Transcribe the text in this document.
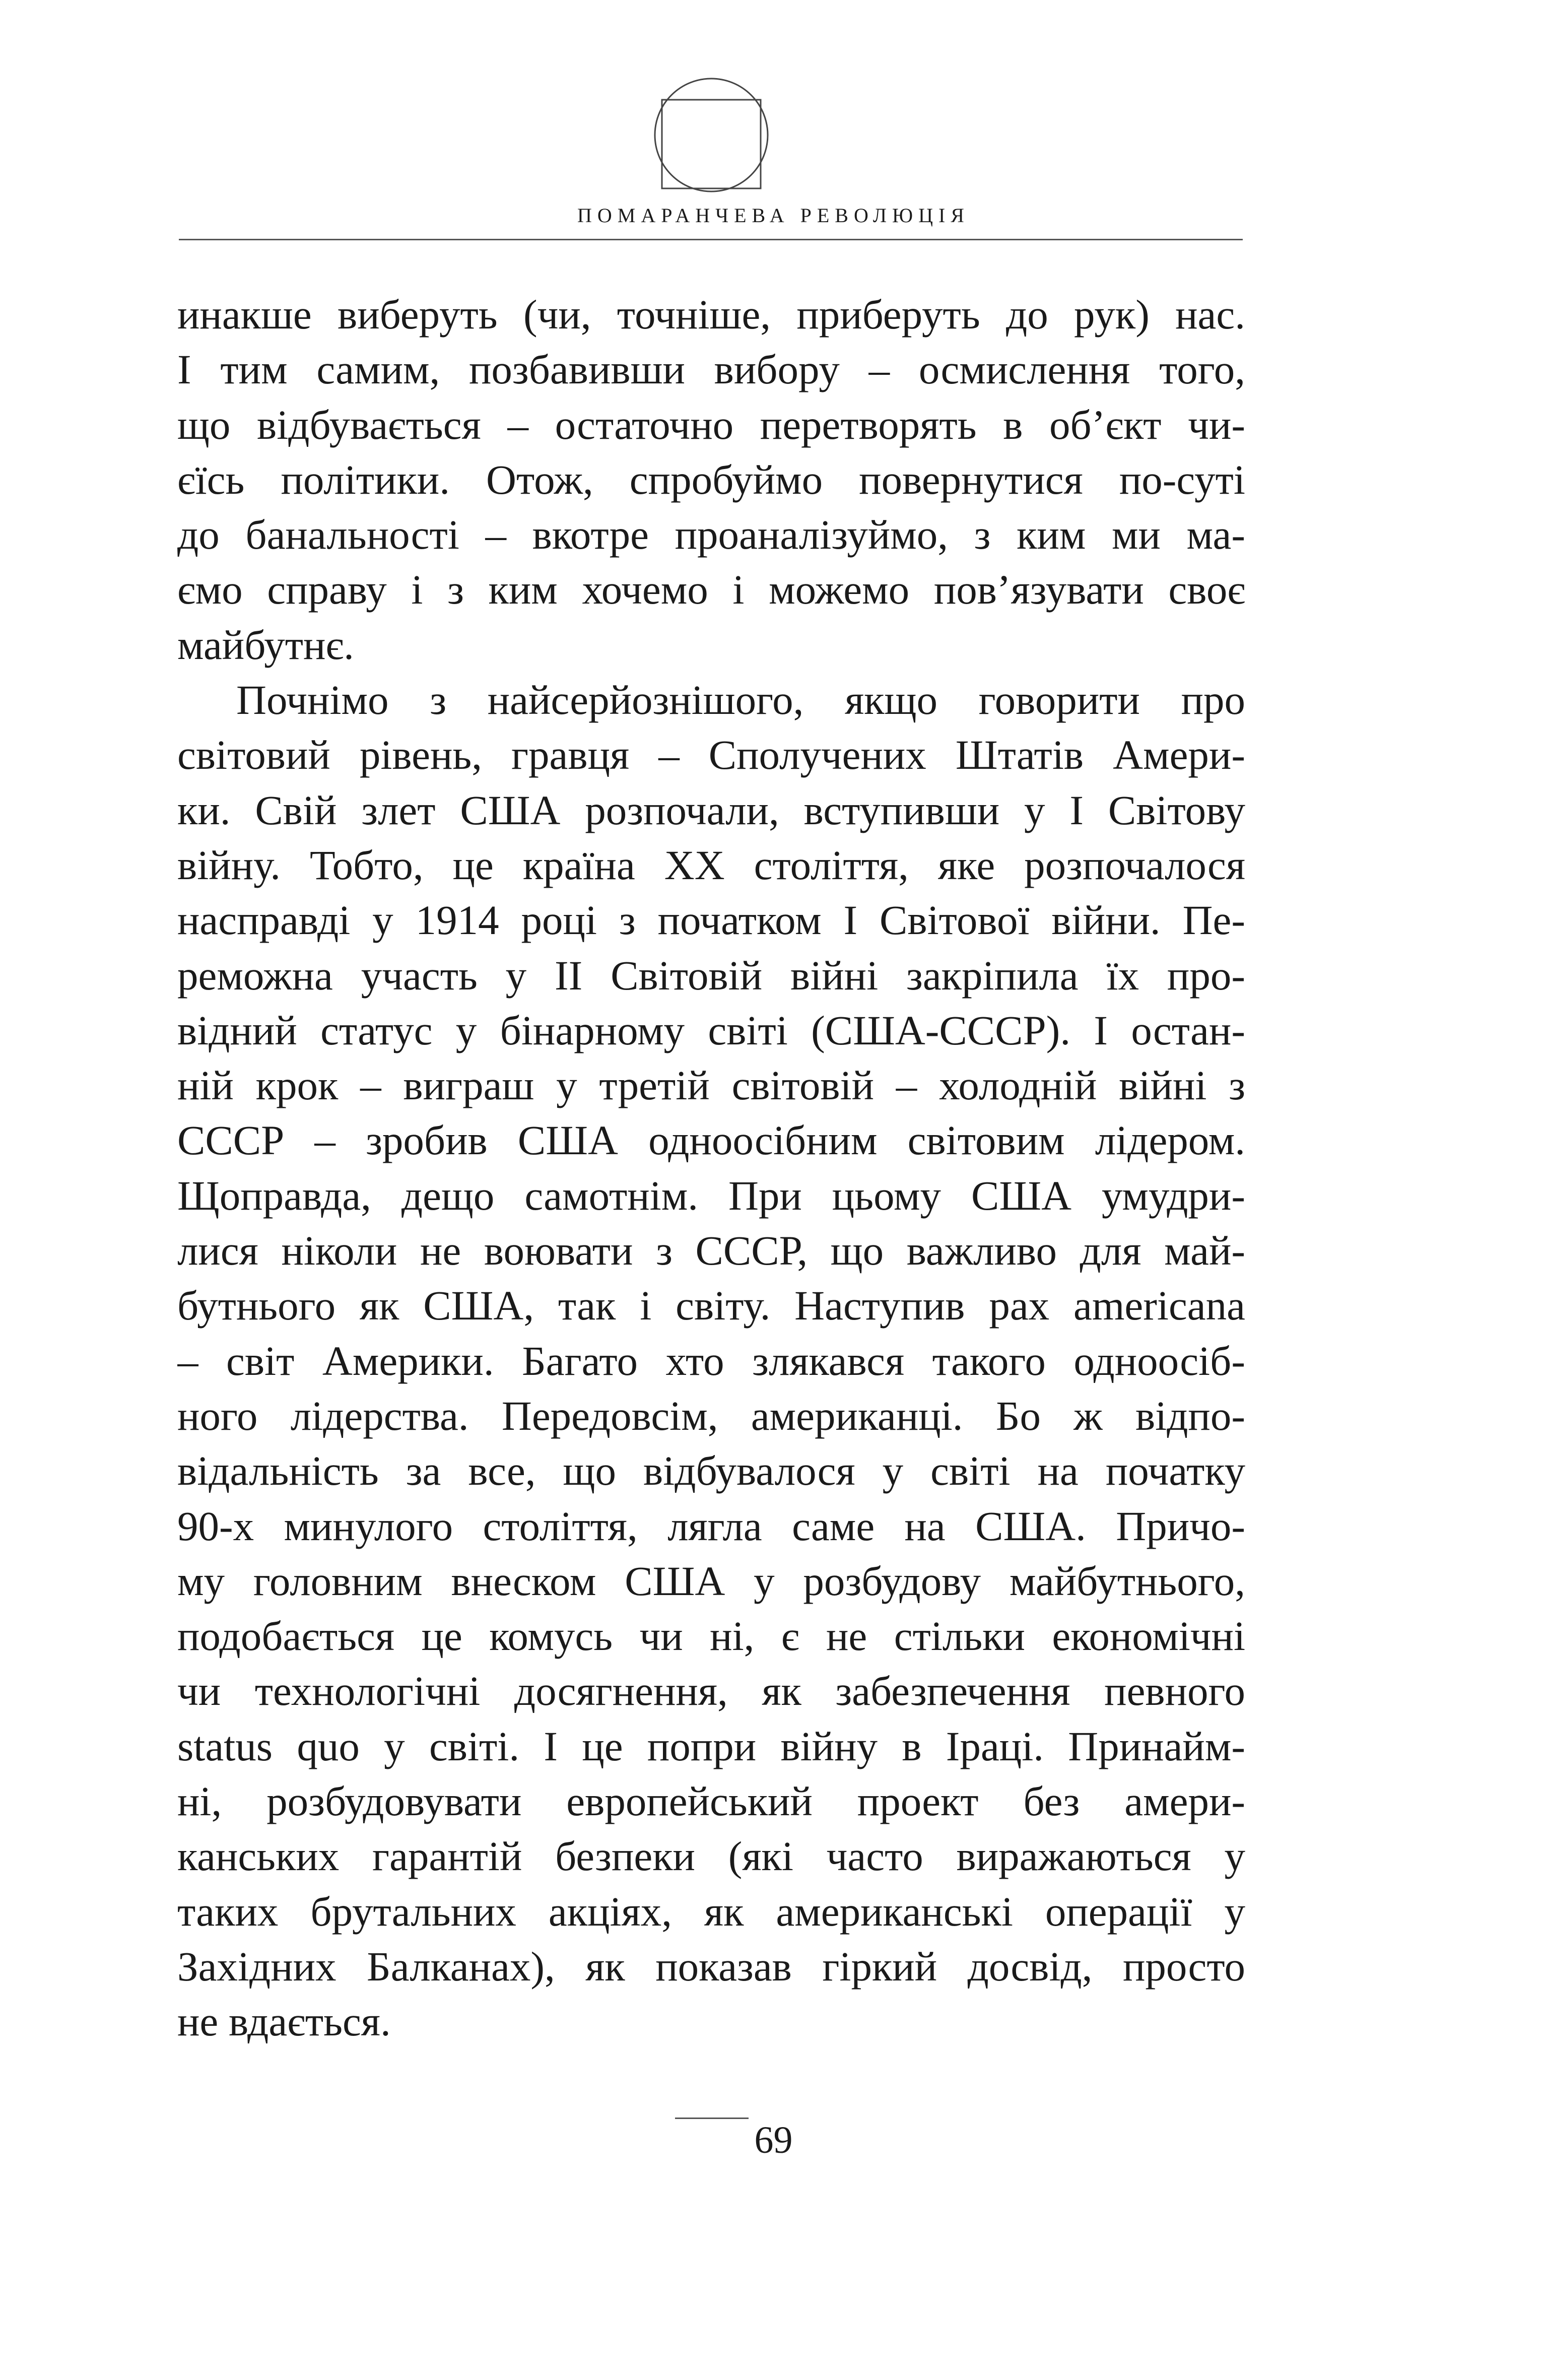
ПОМАРАНЧЕВА РЕВОЛЮЦІЯ
инакше виберуть (чи, точніше, приберуть до рук) нас.
І тим самим, позбавивши вибору – осмислення того,
що відбувається – остаточно перетворять в об’єкт чи-
єїсь політики. Отож, спробуймо повернутися по-суті
до банальності – вкотре проаналізуймо, з ким ми ма-
ємо справу і з ким хочемо і можемо пов’язувати своє
майбутнє.
Почнімо з найсерйознішого, якщо говорити про
світовий рівень, гравця – Сполучених Штатів Амери-
ки. Свій злет США розпочали, вступивши у І Світову
війну. Тобто, це країна ХХ століття, яке розпочалося
насправді у 1914 році з початком І Світової війни. Пе-
реможна участь у ІІ Світовій війні закріпила їх про-
відний статус у бінарному світі (США-СССР). І остан-
ній крок – виграш у третій світовій – холодній війні з
СССР – зробив США одноосібним світовим лідером.
Щоправда, дещо самотнім. При цьому США умудри-
лися ніколи не воювати з СССР, що важливо для май-
бутнього як США, так і світу. Наступив рах americana
– світ Америки. Багато хто злякався такого одноосіб-
ного лідерства. Передовсім, американці. Бо ж відпо-
відальність за все, що відбувалося у світі на початку
90-х минулого століття, лягла саме на США. Причо-
му головним внеском США у розбудову майбутнього,
подобається це комусь чи ні, є не стільки економічні
чи технологічні досягнення, як забезпечення певного
status quo у світі. І це попри війну в Іраці. Принайм-
ні, розбудовувати европейський проект без амери-
канських гарантій безпеки (які часто виражаються у
таких брутальних акціях, як американські операції у
Західних Балканах), як показав гіркий досвід, просто
не вдається.
69
